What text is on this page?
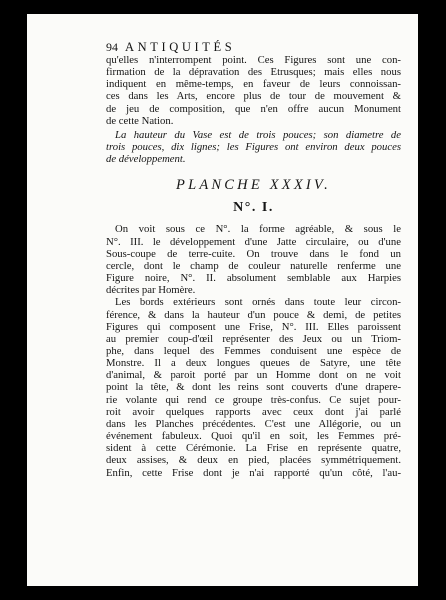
94 ANTIQUITÉS
qu'elles n'interrompent point. Ces Figures sont une con-
firmation de la dépravation des Etrusques; mais elles nous
indiquent en même-temps, en faveur de leurs connoissan-
ces dans les Arts, encore plus de tour de mouvement &
de jeu de composition, que n'en offre aucun Monument
de cette Nation.
La hauteur du Vase est de trois pouces; son diametre de
trois pouces, dix lignes; les Figures ont environ deux pouces
de développement.
PLANCHE XXXIV.
N°. I.
On voit sous ce N°. la forme agréable, & sous le
N°. III. le développement d'une Jatte circulaire, ou d'une
Sous-coupe de terre-cuite. On trouve dans le fond un
cercle, dont le champ de couleur naturelle renferme une
Figure noire, N°. II. absolument semblable aux Harpies
décrites par Homère.
Les bords extérieurs sont ornés dans toute leur circon-
férence, & dans la hauteur d'un pouce & demi, de petites
Figures qui composent une Frise, N°. III. Elles paroissent
au premier coup-d'œil représenter des Jeux ou un Triom-
phe, dans lequel des Femmes conduisent une espèce de
Monstre. Il a deux longues queues de Satyre, une tête
d'animal, & paroit porté par un Homme dont on ne voit
point la tête, & dont les reins sont couverts d'une drapere-
rie volante qui rend ce groupe très-confus. Ce sujet pour-
roit avoir quelques rapports avec ceux dont j'ai parlé
dans les Planches précédentes. C'est une Allégorie, ou un
événement fabuleux. Quoi qu'il en soit, les Femmes pré-
sident à cette Cérémonie. La Frise en représente quatre,
deux assises, & deux en pied, placées symmétriquement.
Enfin, cette Frise dont je n'ai rapporté qu'un côté, l'au-
